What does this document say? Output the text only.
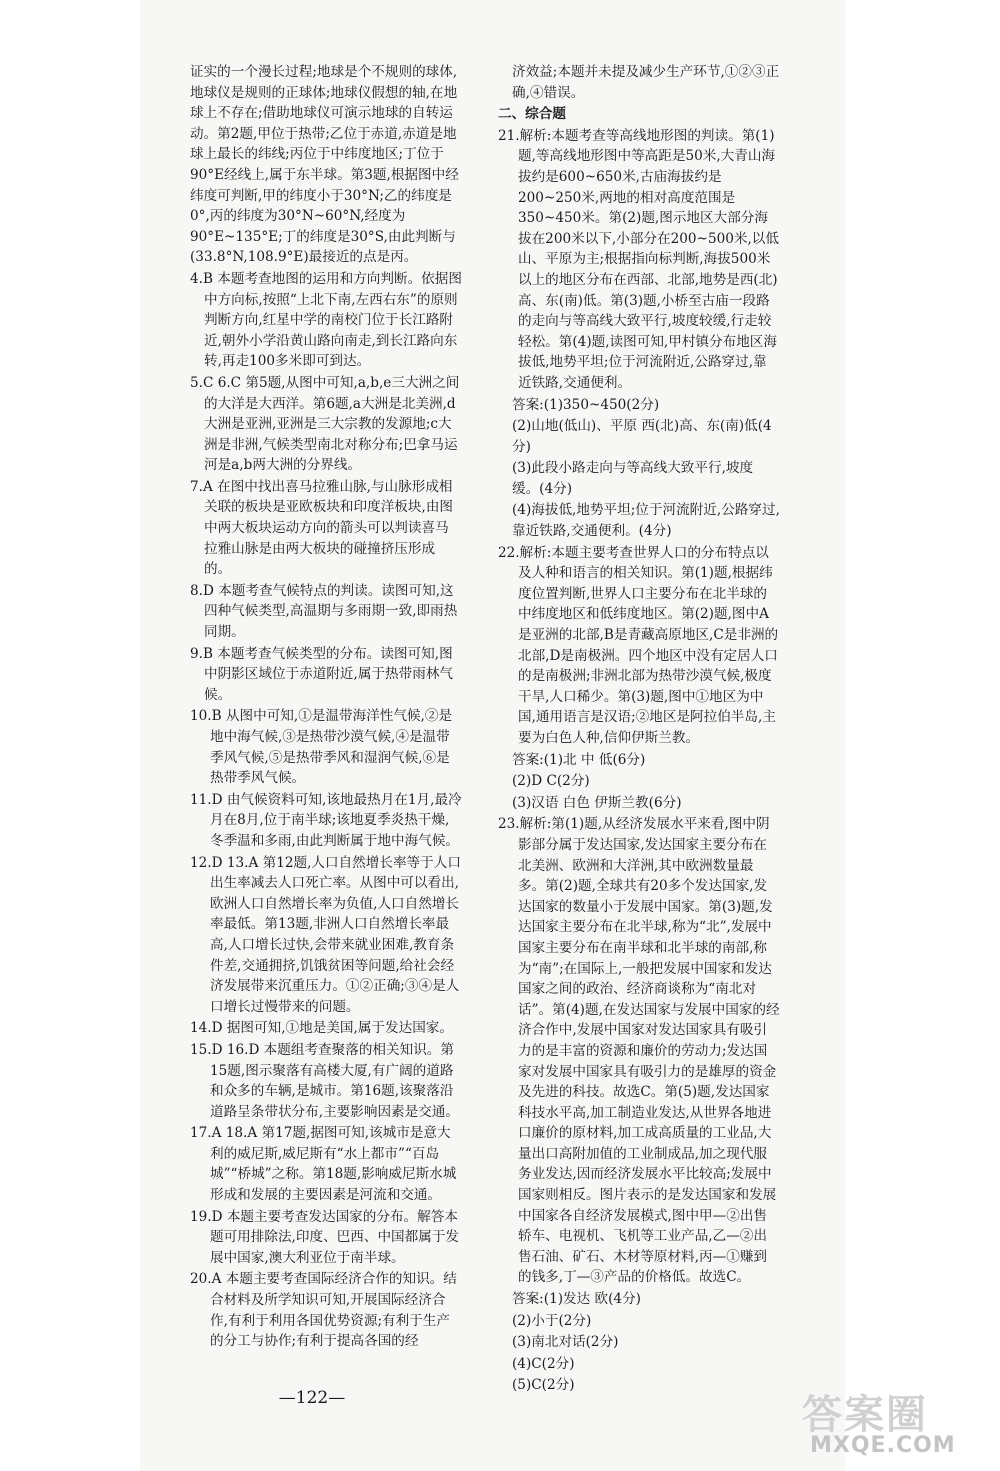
证实的一个漫长过程;地球是个不规则的球体,地球仪是规则的正球体;地球仪假想的轴,在地球上不存在;借助地球仪可演示地球的自转运动。第2题,甲位于热带;乙位于赤道,赤道是地球上最长的纬线;丙位于中纬度地区;丁位于90°E经线上,属于东半球。第3题,根据图中经纬度可判断,甲的纬度小于30°N;乙的纬度是0°,丙的纬度为30°N~60°N,经度为90°E~135°E;丁的纬度是30°S,由此判断与(33.8°N,108.9°E)最接近的点是丙。

4.B 本题考查地图的运用和方向判断。依据图中方向标,按照“上北下南,左西右东”的原则判断方向,红星中学的南校门位于长江路附近,朝外小学沿黄山路向南走,到长江路向东转,再走100多米即可到达。

5.C 6.C 第5题,从图中可知,a,b,e三大洲之间的大洋是大西洋。第6题,a大洲是北美洲,d大洲是亚洲,亚洲是三大宗教的发源地;c大洲是非洲,气候类型南北对称分布;巴拿马运河是a,b两大洲的分界线。

7.A 在图中找出喜马拉雅山脉,与山脉形成相关联的板块是亚欧板块和印度洋板块,由图中两大板块运动方向的箭头可以判读喜马拉雅山脉是由两大板块的碰撞挤压形成的。

8.D 本题考查气候特点的判读。读图可知,这四种气候类型,高温期与多雨期一致,即雨热同期。

9.B 本题考查气候类型的分布。读图可知,图中阴影区域位于赤道附近,属于热带雨林气候。

10.B 从图中可知,①是温带海洋性气候,②是地中海气候,③是热带沙漠气候,④是温带季风气候,⑤是热带季风和湿润气候,⑥是热带季风气候。

11.D 由气候资料可知,该地最热月在1月,最冷月在8月,位于南半球;该地夏季炎热干燥,冬季温和多雨,由此判断属于地中海气候。

12.D 13.A 第12题,人口自然增长率等于人口出生率减去人口死亡率。从图中可以看出,欧洲人口自然增长率为负值,人口自然增长率最低。第13题,非洲人口自然增长率最高,人口增长过快,会带来就业困难,教育条件差,交通拥挤,饥饿贫困等问题,给社会经济发展带来沉重压力。①②正确;③④是人口增长过慢带来的问题。

14.D 据图可知,①地是美国,属于发达国家。

15.D 16.D 本题组考查聚落的相关知识。第15题,图示聚落有高楼大厦,有广阔的道路和众多的车辆,是城市。第16题,该聚落沿道路呈条带状分布,主要影响因素是交通。

17.A 18.A 第17题,据图可知,该城市是意大利的威尼斯,威尼斯有“水上都市”“百岛城”“桥城”之称。第18题,影响威尼斯水城形成和发展的主要因素是河流和交通。

19.D 本题主要考查发达国家的分布。解答本题可用排除法,印度、巴西、中国都属于发展中国家,澳大利亚位于南半球。

20.A 本题主要考查国际经济合作的知识。结合材料及所学知识可知,开展国际经济合作,有利于利用各国优势资源;有利于生产的分工与协作;有利于提高各国的经

济效益;本题并未提及减少生产环节,①②③正确,④错误。

二、综合题

21.解析:本题考查等高线地形图的判读。第(1)题,等高线地形图中等高距是50米,大青山海拔约是600~650米,古庙海拔约是200~250米,两地的相对高度范围是350~450米。第(2)题,图示地区大部分海拔在200米以下,小部分在200~500米,以低山、平原为主;根据指向标判断,海拔500米以上的地区分布在西部、北部,地势是西(北)高、东(南)低。第(3)题,小桥至古庙一段路的走向与等高线大致平行,坡度较缓,行走较轻松。第(4)题,读图可知,甲村镇分布地区海拔低,地势平坦;位于河流附近,公路穿过,靠近铁路,交通便利。

答案:(1)350~450(2分)

(2)山地(低山)、平原 西(北)高、东(南)低(4分)

(3)此段小路走向与等高线大致平行,坡度缓。(4分)

(4)海拔低,地势平坦;位于河流附近,公路穿过,靠近铁路,交通便利。(4分)

22.解析:本题主要考查世界人口的分布特点以及人种和语言的相关知识。第(1)题,根据纬度位置判断,世界人口主要分布在北半球的中纬度地区和低纬度地区。第(2)题,图中A是亚洲的北部,B是青藏高原地区,C是非洲的北部,D是南极洲。四个地区中没有定居人口的是南极洲;非洲北部为热带沙漠气候,极度干旱,人口稀少。第(3)题,图中①地区为中国,通用语言是汉语;②地区是阿拉伯半岛,主要为白色人种,信仰伊斯兰教。

答案:(1)北 中 低(6分)

(2)D C(2分)

(3)汉语 白色 伊斯兰教(6分)

23.解析:第(1)题,从经济发展水平来看,图中阴影部分属于发达国家,发达国家主要分布在北美洲、欧洲和大洋洲,其中欧洲数量最多。第(2)题,全球共有20多个发达国家,发达国家的数量小于发展中国家。第(3)题,发达国家主要分布在北半球,称为“北”,发展中国家主要分布在南半球和北半球的南部,称为“南”;在国际上,一般把发展中国家和发达国家之间的政治、经济商谈称为“南北对话”。第(4)题,在发达国家与发展中国家的经济合作中,发展中国家对发达国家具有吸引力的是丰富的资源和廉价的劳动力;发达国家对发展中国家具有吸引力的是雄厚的资金及先进的科技。故选C。第(5)题,发达国家科技水平高,加工制造业发达,从世界各地进口廉价的原材料,加工成高质量的工业品,大量出口高附加值的工业制成品,加之现代服务业发达,因而经济发展水平比较高;发展中国家则相反。图片表示的是发达国家和发展中国家各自经济发展模式,图中甲—②出售轿车、电视机、飞机等工业产品,乙—②出售石油、矿石、木材等原材料,丙—①赚到的钱多,丁—③产品的价格低。故选C。

答案:(1)发达 欧(4分)

(2)小于(2分)

(3)南北对话(2分)

(4)C(2分)

(5)C(2分)

—122—	答案圈
MXQE.COM
